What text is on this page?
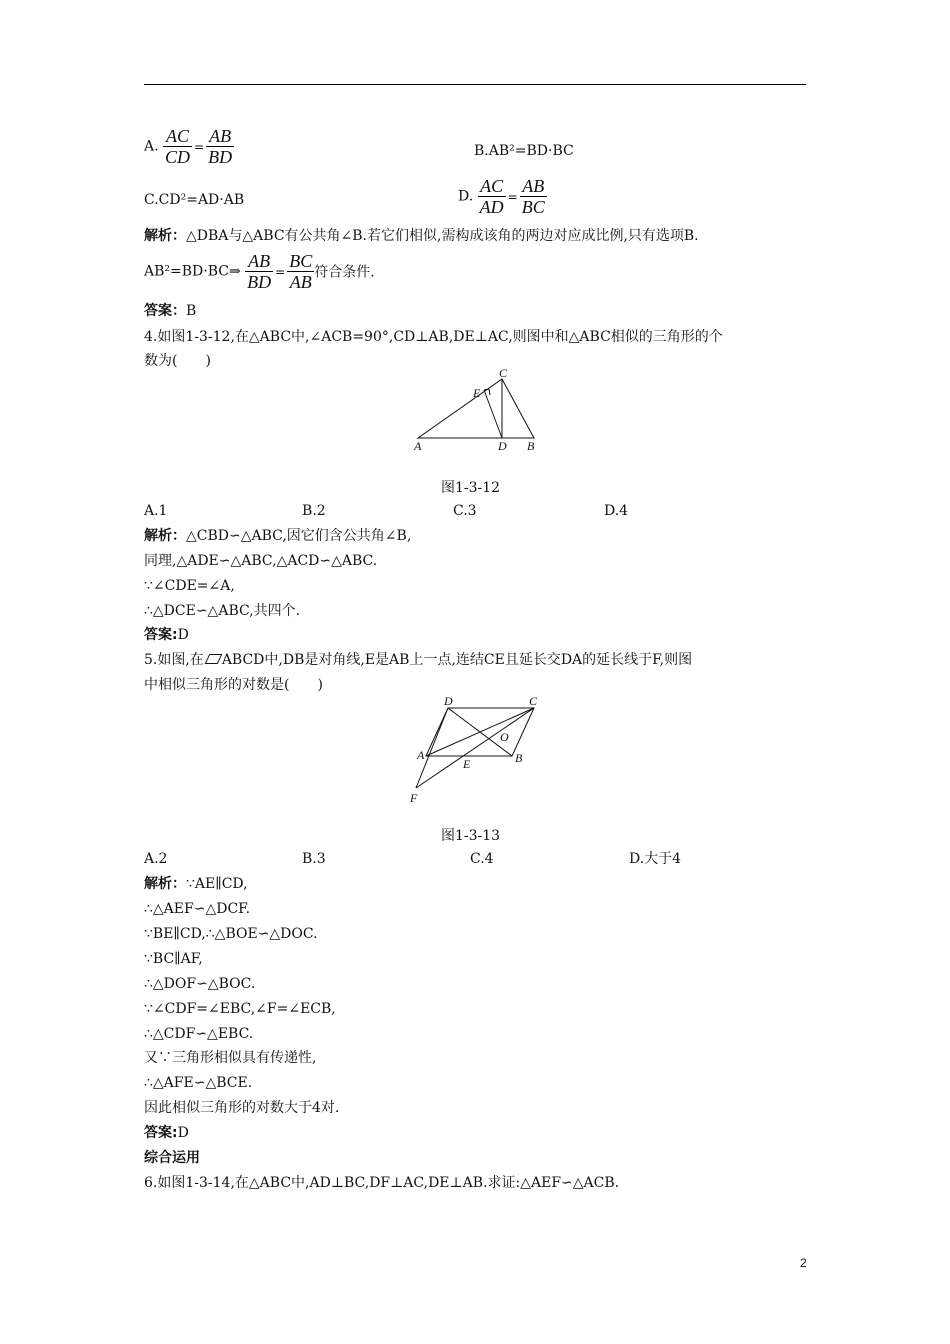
A. $\frac{AC}{CD} = \frac{AB}{BD}$	B.AB²=BD·BC
C.CD²=AD·AB	D. $\frac{AC}{AD} = \frac{AB}{BC}$
解析：△DBA与△ABC有公共角∠B.若它们相似,需构成该角的两边对应成比例,只有选项B.
AB²=BD·BC⇒ $\frac{AB}{BD} = \frac{BC}{AB}$ 符合条件.
答案：B
4.如图1-3-12,在△ABC中,∠ACB=90°,CD⊥AB,DE⊥AC,则图中和△ABC相似的三角形的个
数为(　　)
A	B
C
D
E
图1-3-12
A.1	B.2	C.3	D.4
解析：△CBD∽△ABC,因它们含公共角∠B,
同理,△ADE∽△ABC,△ACD∽△ABC.
∵∠CDE=∠A,
∴△DCE∽△ABC,共四个.
答案:D
5.如图,在 ABCD中,DB是对角线,E是AB上一点,连结CE且延长交DA的延长线于F,则图
中相似三角形的对数是(　　)
D	C
O
A
E	B
F
图1-3-13
A.2	B.3	C.4	D.大于4
解析：∵AE∥CD,
∴△AEF∽△DCF.
∵BE∥CD,∴△BOE∽△DOC.
∵BC∥AF,
∴△DOF∽△BOC.
∵∠CDF=∠EBC,∠F=∠ECB,
∴△CDF∽△EBC.
又∵三角形相似具有传递性,
∴△AFE∽△BCE.
因此相似三角形的对数大于4对.
答案:D
综合运用
6.如图1-3-14,在△ABC中,AD⊥BC,DF⊥AC,DE⊥AB.求证:△AEF∽△ACB.
2
